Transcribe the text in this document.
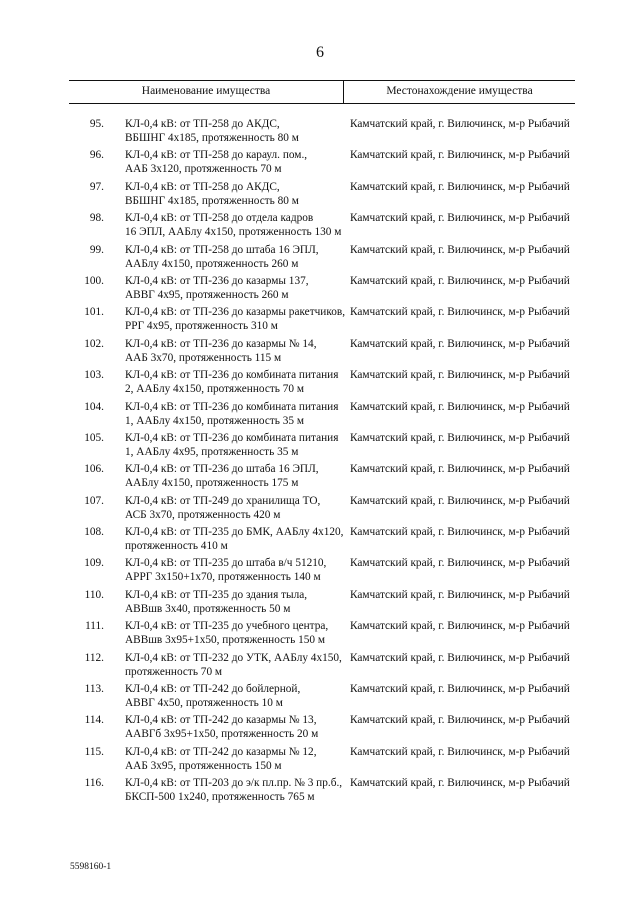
6
Наименование имущества	Местонахождение имущества
95. КЛ-0,4 кВ: от ТП-258 до АКДС,
ВБШНГ 4х185, протяженность 80 м
Камчатский край, г. Вилючинск, м-р Рыбачий
96. КЛ-0,4 кВ: от ТП-258 до караул. пом.,
ААБ 3х120, протяженность 70 м
Камчатский край, г. Вилючинск, м-р Рыбачий
97. КЛ-0,4 кВ: от ТП-258 до АКДС,
ВБШНГ 4х185, протяженность 80 м
Камчатский край, г. Вилючинск, м-р Рыбачий
98. КЛ-0,4 кВ: от ТП-258 до отдела кадров
16 ЭПЛ, ААБлу 4х150, протяженность 130 м
Камчатский край, г. Вилючинск, м-р Рыбачий
99. КЛ-0,4 кВ: от ТП-258 до штаба 16 ЭПЛ,
ААБлу 4х150, протяженность 260 м
Камчатский край, г. Вилючинск, м-р Рыбачий
100. КЛ-0,4 кВ: от ТП-236 до казармы 137,
АВВГ 4х95, протяженность 260 м
Камчатский край, г. Вилючинск, м-р Рыбачий
101. КЛ-0,4 кВ: от ТП-236 до казармы ракетчиков,
РРГ 4х95, протяженность 310 м
Камчатский край, г. Вилючинск, м-р Рыбачий
102. КЛ-0,4 кВ: от ТП-236 до казармы № 14,
ААБ 3х70, протяженность 115 м
Камчатский край, г. Вилючинск, м-р Рыбачий
103. КЛ-0,4 кВ: от ТП-236 до комбината питания
2, ААБлу 4х150, протяженность 70 м
Камчатский край, г. Вилючинск, м-р Рыбачий
104. КЛ-0,4 кВ: от ТП-236 до комбината питания
1, ААБлу 4х150, протяженность 35 м
Камчатский край, г. Вилючинск, м-р Рыбачий
105. КЛ-0,4 кВ: от ТП-236 до комбината питания
1, ААБлу 4х95, протяженность 35 м
Камчатский край, г. Вилючинск, м-р Рыбачий
106. КЛ-0,4 кВ: от ТП-236 до штаба 16 ЭПЛ,
ААБлу 4х150, протяженность 175 м
Камчатский край, г. Вилючинск, м-р Рыбачий
107. КЛ-0,4 кВ: от ТП-249 до хранилища ТО,
АСБ 3х70, протяженность 420 м
Камчатский край, г. Вилючинск, м-р Рыбачий
108. КЛ-0,4 кВ: от ТП-235 до БМК, ААБлу 4х120,
протяженность 410 м
Камчатский край, г. Вилючинск, м-р Рыбачий
109. КЛ-0,4 кВ: от ТП-235 до штаба в/ч 51210,
АРРГ 3х150+1х70, протяженность 140 м
Камчатский край, г. Вилючинск, м-р Рыбачий
110. КЛ-0,4 кВ: от ТП-235 до здания тыла,
АВВшв 3х40, протяженность 50 м
Камчатский край, г. Вилючинск, м-р Рыбачий
111. КЛ-0,4 кВ: от ТП-235 до учебного центра,
АВВшв 3х95+1х50, протяженность 150 м
Камчатский край, г. Вилючинск, м-р Рыбачий
112. КЛ-0,4 кВ: от ТП-232 до УТК, ААБлу 4х150,
протяженность 70 м
Камчатский край, г. Вилючинск, м-р Рыбачий
113. КЛ-0,4 кВ: от ТП-242 до бойлерной,
АВВГ 4х50, протяженность 10 м
Камчатский край, г. Вилючинск, м-р Рыбачий
114. КЛ-0,4 кВ: от ТП-242 до казармы № 13,
ААВГб 3х95+1х50, протяженность 20 м
Камчатский край, г. Вилючинск, м-р Рыбачий
115. КЛ-0,4 кВ: от ТП-242 до казармы № 12,
ААБ 3х95, протяженность 150 м
Камчатский край, г. Вилючинск, м-р Рыбачий
116. КЛ-0,4 кВ: от ТП-203 до э/к пл.пр. № 3 пр.б.,
БКСП-500 1х240, протяженность 765 м
Камчатский край, г. Вилючинск, м-р Рыбачий
5598160-1
